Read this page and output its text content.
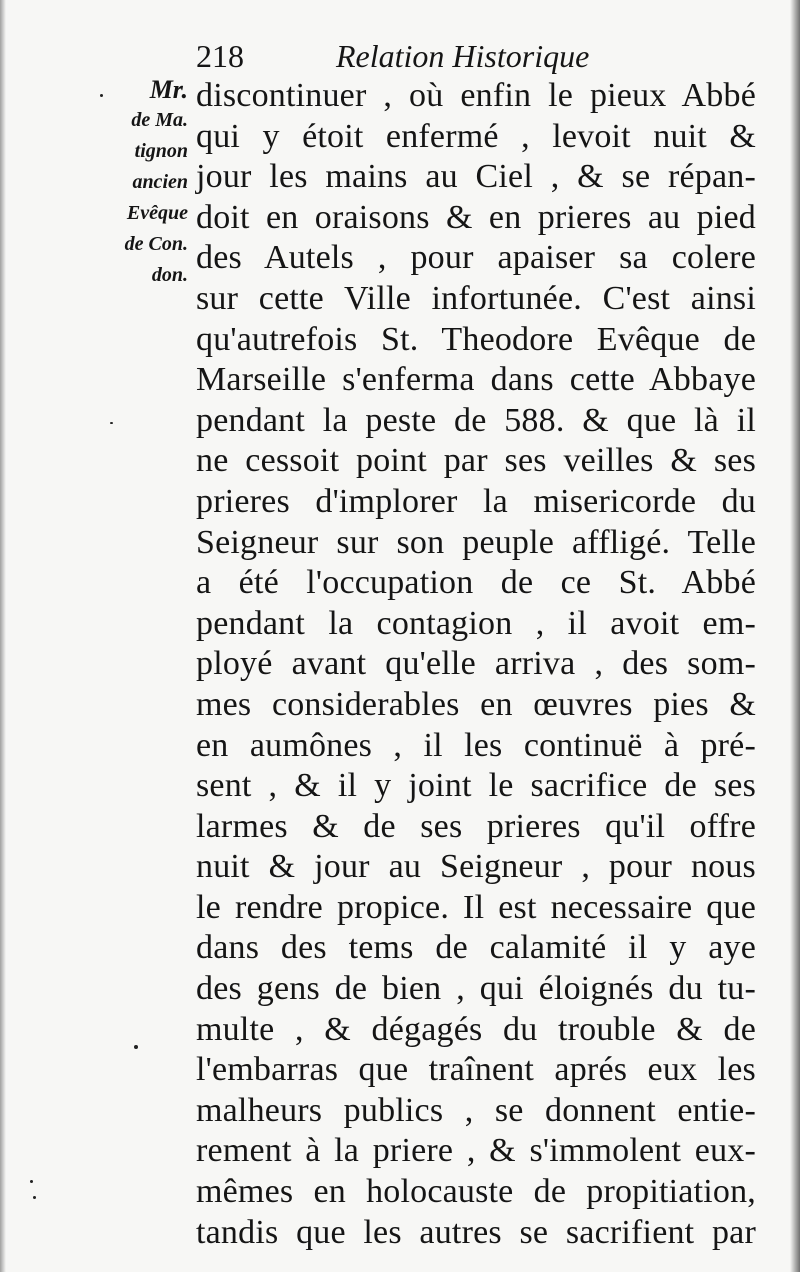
218	Relation Historique
Mr.
de Ma.
tignon
ancien
Evêque
de Con.
don.
discontinuer , où enfin le pieux Abbé
qui y étoit enfermé , levoit nuit &
jour les mains au Ciel , & se répan-
doit en oraisons & en prieres au pied
des Autels , pour apaiser sa colere
sur cette Ville infortunée. C'est ainsi
qu'autrefois St. Theodore Evêque de
Marseille s'enferma dans cette Abbaye
pendant la peste de 588. & que là il
ne cessoit point par ses veilles & ses
prieres d'implorer la misericorde du
Seigneur sur son peuple affligé. Telle
a été l'occupation de ce St. Abbé
pendant la contagion , il avoit em-
ployé avant qu'elle arriva , des som-
mes considerables en œuvres pies &
en aumônes , il les continuë à pré-
sent , & il y joint le sacrifice de ses
larmes & de ses prieres qu'il offre
nuit & jour au Seigneur , pour nous
le rendre propice. Il est necessaire que
dans des tems de calamité il y aye
des gens de bien , qui éloignés du tu-
multe , & dégagés du trouble & de
l'embarras que traînent aprés eux les
malheurs publics , se donnent entie-
rement à la priere , & s'immolent eux-
mêmes en holocauste de propitiation,
tandis que les autres se sacrifient par
